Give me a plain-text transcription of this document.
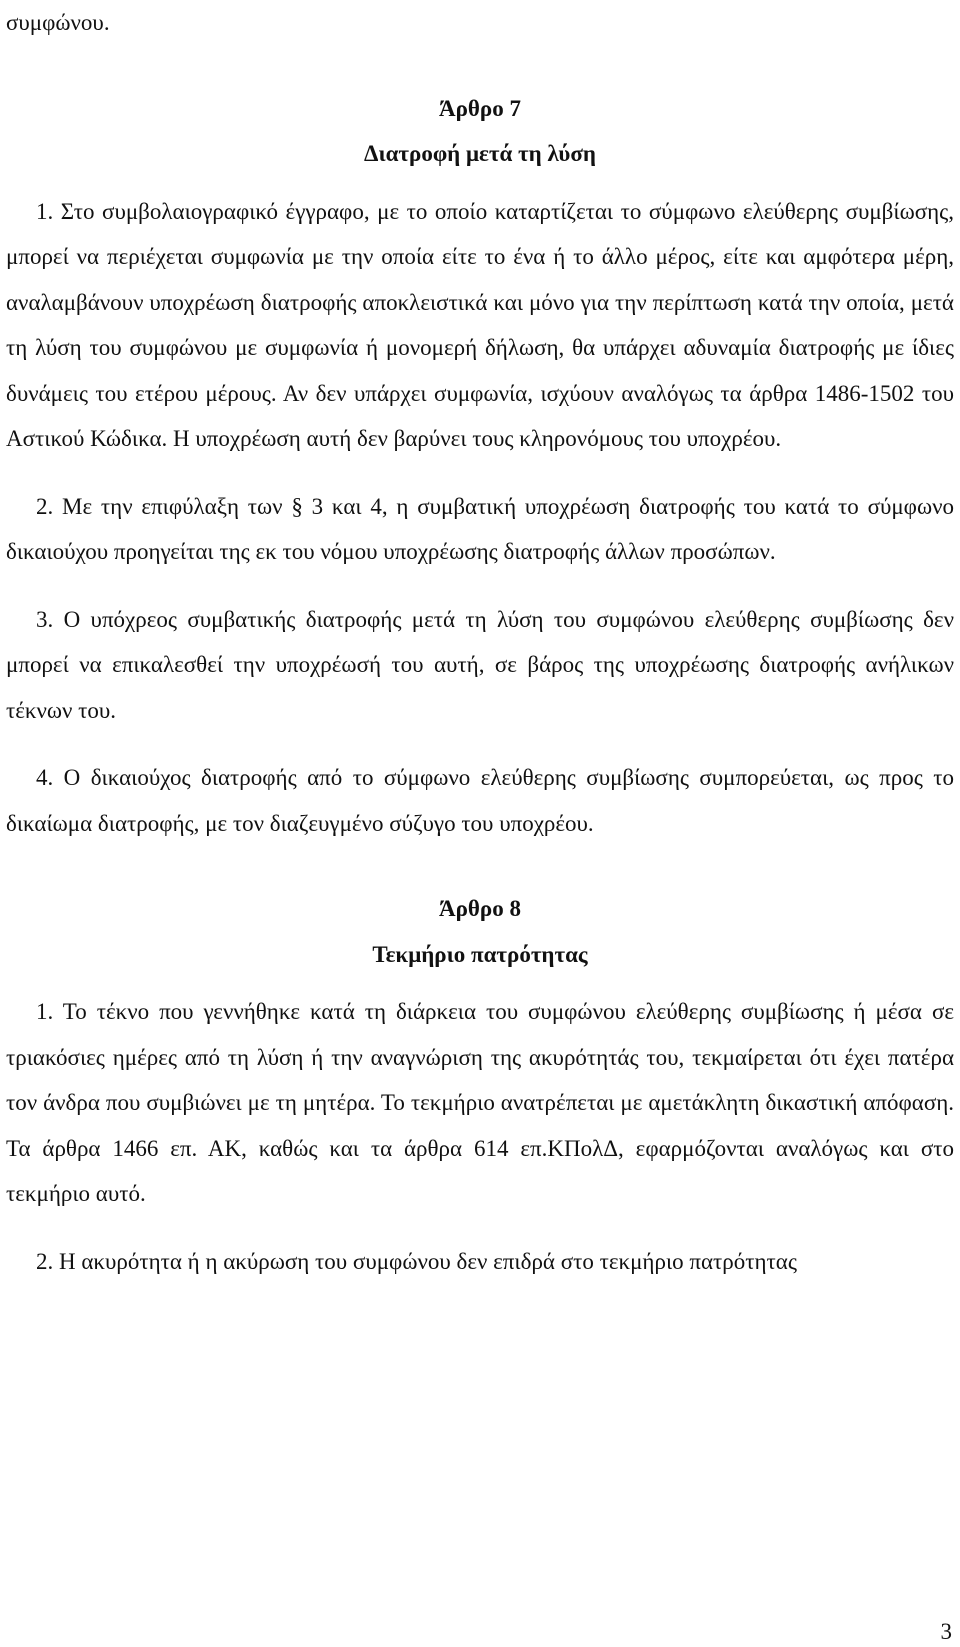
συμφώνου.

Άρθρο 7
Διατροφή μετά τη λύση

1. Στο συμβολαιογραφικό έγγραφο, με το οποίο καταρτίζεται το σύμφωνο ελεύθερης συμβίωσης, μπορεί να περιέχεται συμφωνία με την οποία είτε το ένα ή το άλλο μέρος, είτε και αμφότερα μέρη, αναλαμβάνουν υποχρέωση διατροφής αποκλειστικά και μόνο για την περίπτωση κατά την οποία, μετά τη λύση του συμφώνου με συμφωνία ή μονομερή δήλωση, θα υπάρχει αδυναμία διατροφής με ίδιες δυνάμεις του ετέρου μέρους. Αν δεν υπάρχει συμφωνία, ισχύουν αναλόγως τα άρθρα 1486-1502 του Αστικού Κώδικα. Η υποχρέωση αυτή δεν βαρύνει τους κληρονόμους του υποχρέου.

2. Με την επιφύλαξη των § 3 και 4, η συμβατική υποχρέωση διατροφής του κατά το σύμφωνο δικαιούχου προηγείται της εκ του νόμου υποχρέωσης διατροφής άλλων προσώπων.

3. Ο υπόχρεος συμβατικής διατροφής μετά τη λύση του συμφώνου ελεύθερης συμβίωσης δεν μπορεί να επικαλεσθεί την υποχρέωσή του αυτή, σε βάρος της υποχρέωσης διατροφής ανήλικων τέκνων του.

4. Ο δικαιούχος διατροφής από το σύμφωνο ελεύθερης συμβίωσης συμπορεύεται, ως προς το δικαίωμα διατροφής, με τον διαζευγμένο σύζυγο του υποχρέου.

Άρθρο 8
Τεκμήριο πατρότητας

1. Το τέκνο που γεννήθηκε κατά τη διάρκεια του συμφώνου ελεύθερης συμβίωσης ή μέσα σε τριακόσιες ημέρες από τη λύση ή την αναγνώριση της ακυρότητάς του, τεκμαίρεται ότι έχει πατέρα τον άνδρα που συμβιώνει με τη μητέρα. Το τεκμήριο ανατρέπεται με αμετάκλητη δικαστική απόφαση. Τα άρθρα 1466 επ. ΑΚ, καθώς και τα άρθρα 614 επ.ΚΠολΔ, εφαρμόζονται αναλόγως και στο τεκμήριο αυτό.

2. Η ακυρότητα ή η ακύρωση του συμφώνου δεν επιδρά στο τεκμήριο πατρότητας

3
